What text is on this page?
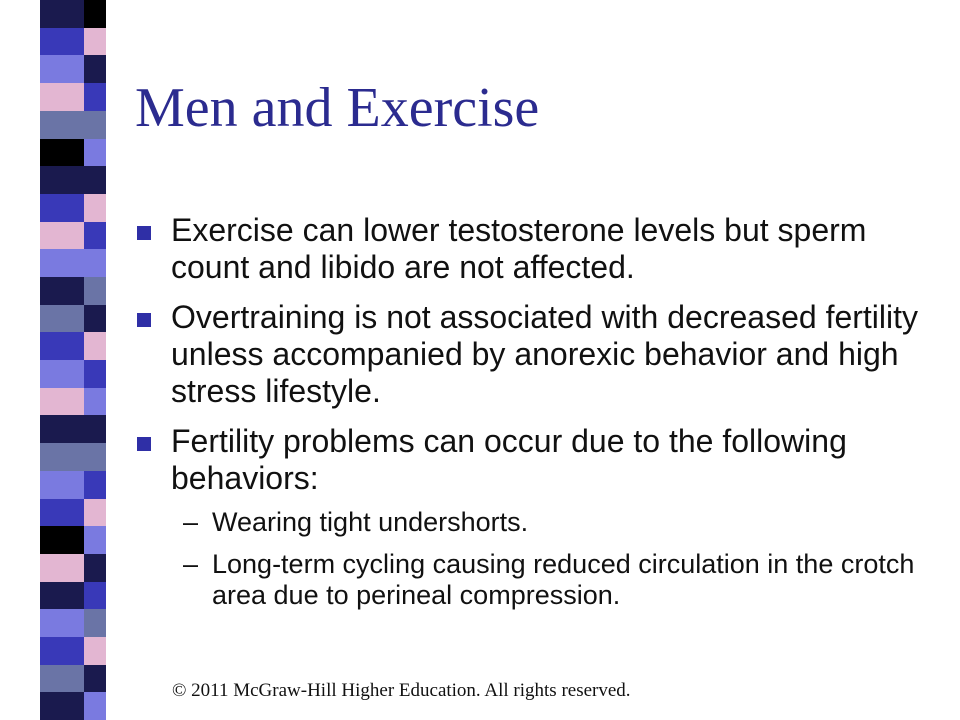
Men and Exercise
Exercise can lower testosterone levels but sperm count and libido are not affected.
Overtraining is not associated with decreased fertility unless accompanied by anorexic behavior and high stress lifestyle.
Fertility problems can occur due to the following behaviors:
– Wearing tight undershorts.
– Long-term cycling causing reduced circulation in the crotch area due to perineal compression.
© 2011 McGraw-Hill Higher Education. All rights reserved.
